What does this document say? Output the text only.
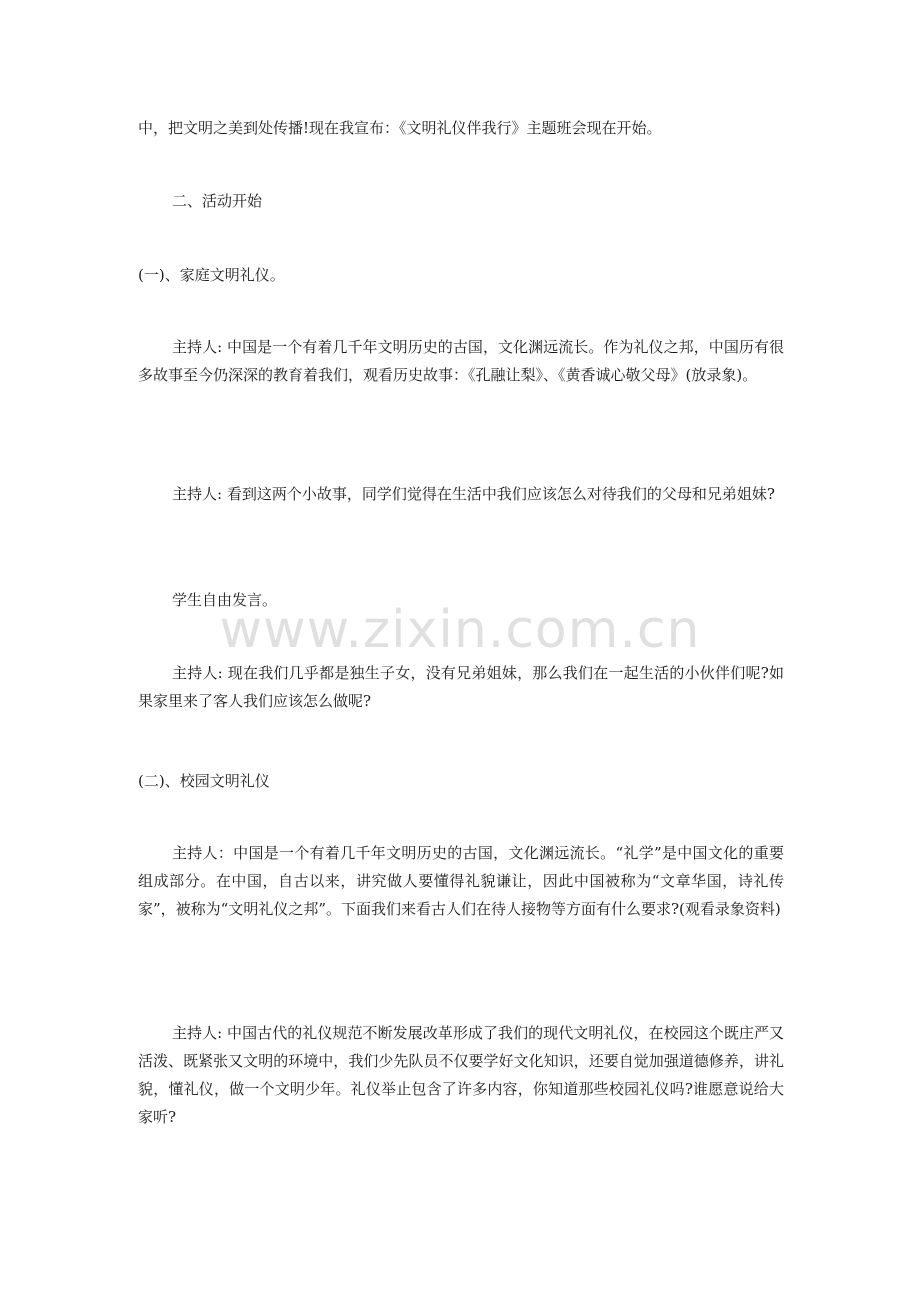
中，把文明之美到处传播!现在我宣布：《文明礼仪伴我行》主题班会现在开始。

二、活动开始

(一)、家庭文明礼仪。

主持人: 中国是一个有着几千年文明历史的古国，文化渊远流长。作为礼仪之邦，中国历有很多故事至今仍深深的教育着我们，观看历史故事：《孔融让梨》、《黄香诚心敬父母》(放录象)。

主持人: 看到这两个小故事，同学们觉得在生活中我们应该怎么对待我们的父母和兄弟姐妹?

学生自由发言。

主持人: 现在我们几乎都是独生子女，没有兄弟姐妹，那么我们在一起生活的小伙伴们呢?如果家里来了客人我们应该怎么做呢?

(二)、校园文明礼仪

主持人：中国是一个有着几千年文明历史的古国，文化渊远流长。“礼学”是中国文化的重要组成部分。在中国，自古以来，讲究做人要懂得礼貌谦让，因此中国被称为“文章华国，诗礼传家”，被称为“文明礼仪之邦”。下面我们来看古人们在待人接物等方面有什么要求?(观看录象资料)

主持人: 中国古代的礼仪规范不断发展改革形成了我们的现代文明礼仪，在校园这个既庄严又活泼、既紧张又文明的环境中，我们少先队员不仅要学好文化知识，还要自觉加强道德修养，讲礼貌，懂礼仪，做一个文明少年。礼仪举止包含了许多内容，你知道那些校园礼仪吗?谁愿意说给大家听?

www.zixin.com.cn
